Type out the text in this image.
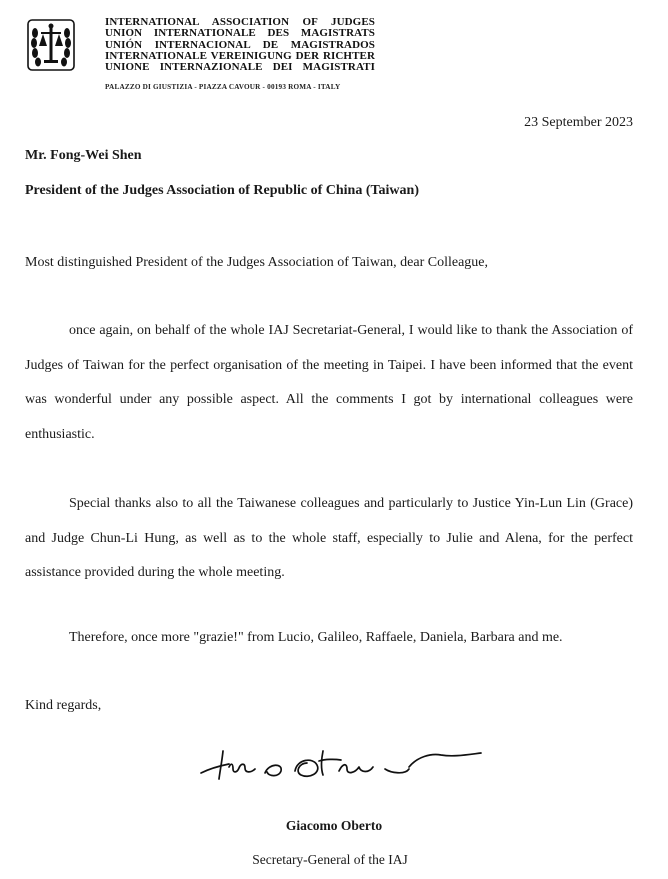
INTERNATIONAL ASSOCIATION OF JUDGES
UNION INTERNATIONALE DES MAGISTRATS
UNIÓN INTERNACIONAL DE MAGISTRADOS
INTERNATIONALE VEREINIGUNG DER RICHTER
UNIONE INTERNAZIONALE DEI MAGISTRATI
PALAZZO DI GIUSTIZIA - PIAZZA CAVOUR - 00193 ROMA - ITALY
23 September 2023
Mr. Fong-Wei Shen
President of the Judges Association of Republic of China (Taiwan)
Most distinguished President of the Judges Association of Taiwan, dear Colleague,

once again, on behalf of the whole IAJ Secretariat-General, I would like to thank the Association of Judges of Taiwan for the perfect organisation of the meeting in Taipei. I have been informed that the event was wonderful under any possible aspect. All the comments I got by international colleagues were enthusiastic.

Special thanks also to all the Taiwanese colleagues and particularly to Justice Yin-Lun Lin (Grace) and Judge Chun-Li Hung, as well as to the whole staff, especially to Julie and Alena, for the perfect assistance provided during the whole meeting.

Therefore, once more "grazie!" from Lucio, Galileo, Raffaele, Daniela, Barbara and me.

Kind regards,
Giacomo Oberto
Secretary-General of the IAJ
